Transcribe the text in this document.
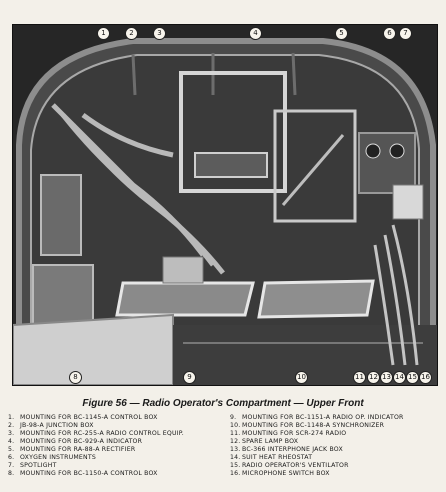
1	2	3	4	5	6	7
8	9	10	11 12 13 14 15 16
Figure 56 — Radio Operator's Compartment — Upper Front
1. MOUNTING FOR BC-1145-A CONTROL BOX	9. MOUNTING FOR BC-1151-A RADIO OP. INDICATOR
2. JB-98-A JUNCTION BOX	10. MOUNTING FOR BC-1148-A SYNCHRONIZER
3. MOUNTING FOR RC-255-A RADIO CONTROL EQUIP.	11. MOUNTING FOR SCR-274 RADIO
4. MOUNTING FOR BC-929-A INDICATOR	12. SPARE LAMP BOX
5. MOUNTING FOR RA-88-A RECTIFIER	13. BC-366 INTERPHONE JACK BOX
6. OXYGEN INSTRUMENTS	14. SUIT HEAT RHEOSTAT
7. SPOTLIGHT	15. RADIO OPERATOR'S VENTILATOR
8. MOUNTING FOR BC-1150-A CONTROL BOX	16. MICROPHONE SWITCH BOX
